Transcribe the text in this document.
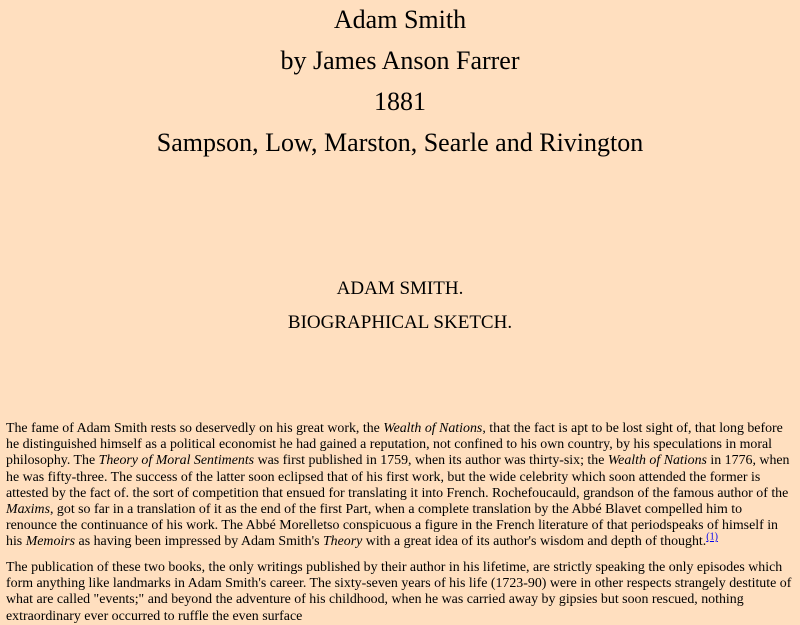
Adam Smith
by James Anson Farrer
1881
Sampson, Low, Marston, Searle and Rivington
ADAM SMITH.
BIOGRAPHICAL SKETCH.

The fame of Adam Smith rests so deservedly on his great work, the Wealth of Nations, that the fact is apt to be lost sight of, that long before he distinguished himself as a political economist he had gained a reputation, not confined to his own country, by his speculations in moral philosophy. The Theory of Moral Sentiments was first published in 1759, when its author was thirty-six; the Wealth of Nations in 1776, when he was fifty-three. The success of the latter soon eclipsed that of his first work, but the wide celebrity which soon attended the former is attested by the fact of. the sort of competition that ensued for translating it into French. Rochefoucauld, grandson of the famous author of the Maxims, got so far in a translation of it as the end of the first Part, when a complete translation by the Abbé Blavet compelled him to renounce the continuance of his work. The Abbé Morelletso conspicuous a figure in the French literature of that periodspeaks of himself in his Memoirs as having been impressed by Adam Smith's Theory with a great idea of its author's wisdom and depth of thought.$^{(1)}$

The publication of these two books, the only writings published by their author in his lifetime, are strictly speaking the only episodes which form anything like landmarks in Adam Smith's career. The sixty-seven years of his life (1723-90) were in other respects strangely destitute of what are called "events;" and beyond the adventure of his childhood, when he was carried away by gipsies but soon rescued, nothing extraordinary ever occurred to ruffle the even surface
